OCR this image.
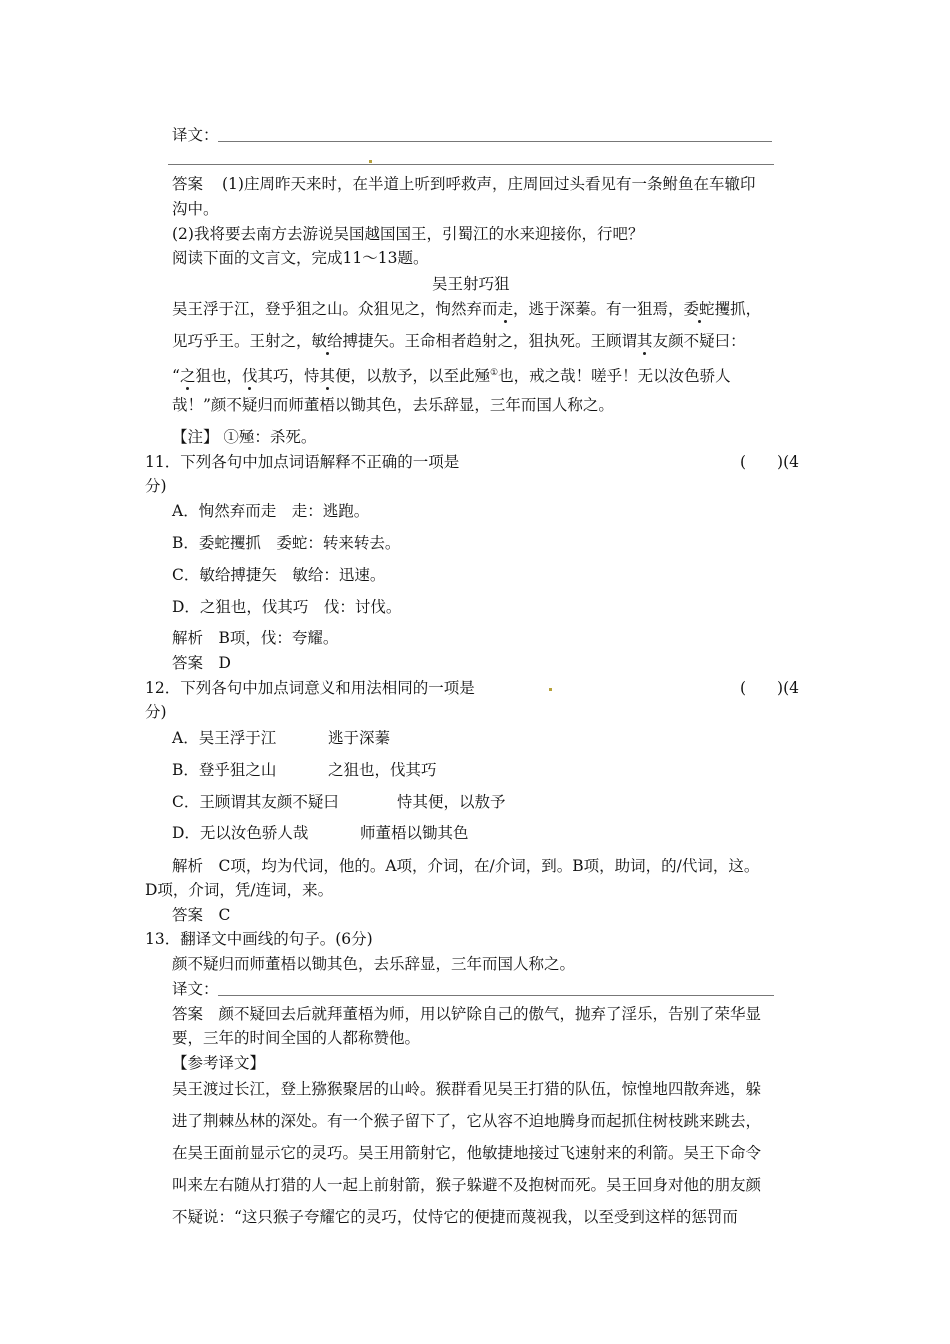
译文：
答案 (1)庄周昨天来时，在半道上听到呼救声，庄周回过头看见有一条鲋鱼在车辙印
沟中。
(2)我将要去南方去游说吴国越国国王，引蜀江的水来迎接你，行吧？
阅读下面的文言文，完成11～13题。
吴王射巧狙
吴王浮于江，登乎狙之山。众狙见之，恂然弃而走，逃于深蓁。有一狙焉，委蛇攫抓，
见巧乎王。王射之，敏给搏捷矢。王命相者趋射之，狙执死。王顾谓其友颜不疑曰：
“之狙也，伐其巧，恃其便，以敖予，以至此殛①也，戒之哉！嗟乎！无以汝色骄人
哉！”颜不疑归而师董梧以锄其色，去乐辞显，三年而国人称之。
【注】 ①殛：杀死。
11．下列各句中加点词语解释不正确的一项是	(　　)(4
分)
A．恂然弃而走　走：逃跑。
B．委蛇攫抓　委蛇：转来转去。
C．敏给搏捷矢　敏给：迅速。
D．之狙也，伐其巧　伐：讨伐。
解析　B项，伐：夸耀。
答案　D
12．下列各句中加点词意义和用法相同的一项是	(　　)(4
分)
A．吴王浮于江	逃于深蓁
B．登乎狙之山	之狙也，伐其巧
C．王顾谓其友颜不疑曰	恃其便，以敖予
D．无以汝色骄人哉	师董梧以锄其色
解析　C项，均为代词，他的。A项，介词，在/介词，到。B项，助词，的/代词，这。
D项，介词，凭/连词，来。
答案　C
13．翻译文中画线的句子。(6分)
颜不疑归而师董梧以锄其色，去乐辞显，三年而国人称之。
译文：
答案　颜不疑回去后就拜董梧为师，用以铲除自己的傲气，抛弃了淫乐，告别了荣华显
要，三年的时间全国的人都称赞他。
【参考译文】
吴王渡过长江，登上猕猴聚居的山岭。猴群看见吴王打猎的队伍，惊惶地四散奔逃，躲
进了荆棘丛林的深处。有一个猴子留下了，它从容不迫地腾身而起抓住树枝跳来跳去，
在吴王面前显示它的灵巧。吴王用箭射它，他敏捷地接过飞速射来的利箭。吴王下命令
叫来左右随从打猎的人一起上前射箭，猴子躲避不及抱树而死。吴王回身对他的朋友颜
不疑说：“这只猴子夸耀它的灵巧，仗恃它的便捷而蔑视我，以至受到这样的惩罚而
